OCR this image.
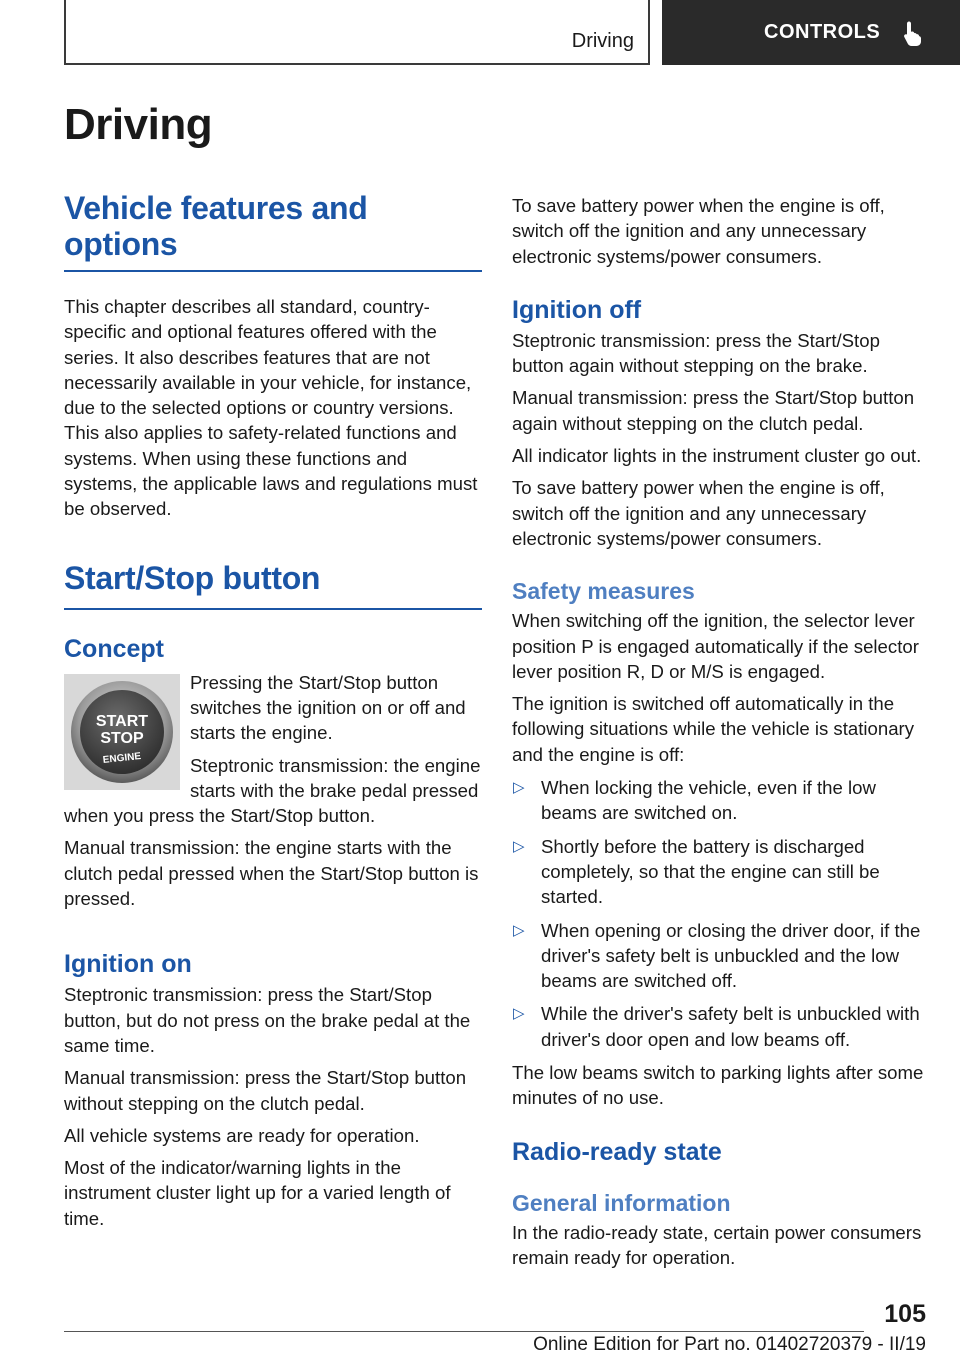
Driving	CONTROLS
Driving
Vehicle features and options

This chapter describes all standard, country-specific and optional features offered with the series. It also describes features that are not necessarily available in your vehicle, for instance, due to the selected options or country versions. This also applies to safety-related functions and systems. When using these functions and systems, the applicable laws and regulations must be observed.

Start/Stop button
Concept
START
STOP
ENGINE

Pressing the Start/Stop button switches the ignition on or off and starts the engine.

Steptronic transmission: the engine starts with the brake pedal pressed when you press the Start/Stop button.

Manual transmission: the engine starts with the clutch pedal pressed when the Start/Stop button is pressed.

Ignition on

Steptronic transmission: press the Start/Stop button, but do not press on the brake pedal at the same time.

Manual transmission: press the Start/Stop button without stepping on the clutch pedal.

All vehicle systems are ready for operation.

Most of the indicator/warning lights in the instrument cluster light up for a varied length of time.

To save battery power when the engine is off, switch off the ignition and any unnecessary electronic systems/power consumers.

Ignition off

Steptronic transmission: press the Start/Stop button again without stepping on the brake.

Manual transmission: press the Start/Stop button again without stepping on the clutch pedal.

All indicator lights in the instrument cluster go out.

To save battery power when the engine is off, switch off the ignition and any unnecessary electronic systems/power consumers.

Safety measures

When switching off the ignition, the selector lever position P is engaged automatically if the selector lever position R, D or M/S is engaged.

The ignition is switched off automatically in the following situations while the vehicle is stationary and the engine is off:

▷ When locking the vehicle, even if the low beams are switched on.
▷ Shortly before the battery is discharged completely, so that the engine can still be started.
▷ When opening or closing the driver door, if the driver's safety belt is unbuckled and the low beams are switched off.
▷ While the driver's safety belt is unbuckled with driver's door open and low beams off.

The low beams switch to parking lights after some minutes of no use.

Radio-ready state
General information

In the radio-ready state, certain power consumers remain ready for operation.

105
Online Edition for Part no. 01402720379 - II/19
